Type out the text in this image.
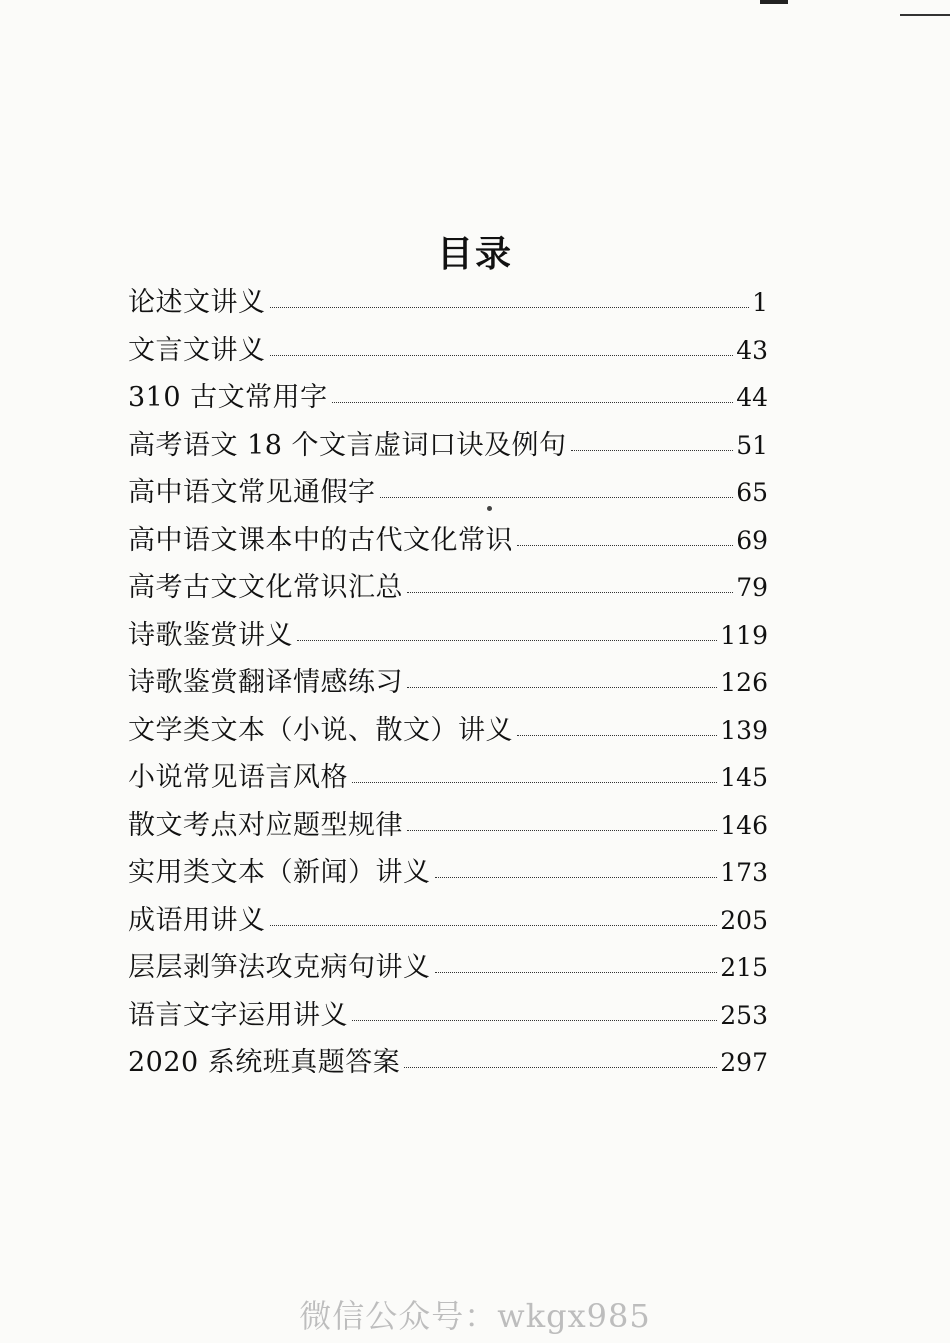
目录
论述文讲义	1
文言文讲义	43
310 古文常用字	44
高考语文 18 个文言虚词口诀及例句	51
高中语文常见通假字	65
高中语文课本中的古代文化常识	69
高考古文文化常识汇总	79
诗歌鉴赏讲义	119
诗歌鉴赏翻译情感练习	126
文学类文本（小说、散文）讲义	139
小说常见语言风格	145
散文考点对应题型规律	146
实用类文本（新闻）讲义	173
成语用讲义	205
层层剥笋法攻克病句讲义	215
语言文字运用讲义	253
2020 系统班真题答案	297
微信公众号：wkgx985
